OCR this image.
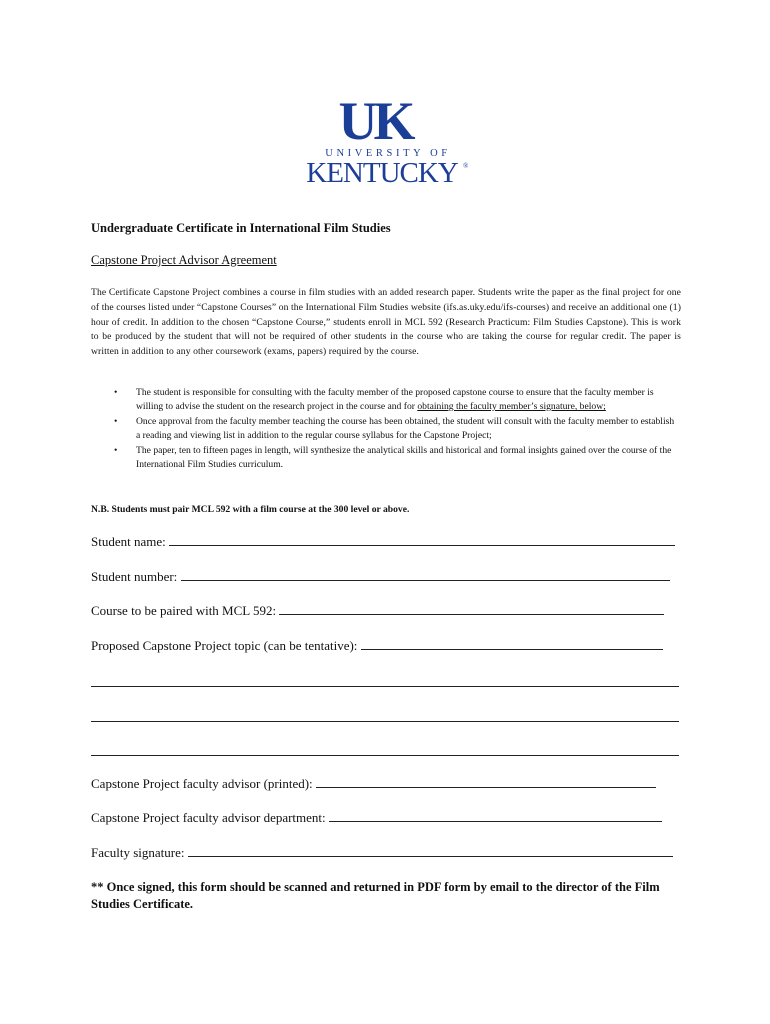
UK
UNIVERSITY OF
KENTUCKY ®
Undergraduate Certificate in International Film Studies
Capstone Project Advisor Agreement
The Certificate Capstone Project combines a course in film studies with an added research paper. Students write the paper as the final project for one of the courses listed under “Capstone Courses” on the International Film Studies website (ifs.as.uky.edu/ifs-courses) and receive an additional one (1) hour of credit. In addition to the chosen “Capstone Course,” students enroll in MCL 592 (Research Practicum: Film Studies Capstone). This is work to be produced by the student that will not be required of other students in the course who are taking the course for regular credit. The paper is written in addition to any other coursework (exams, papers) required by the course.
• The student is responsible for consulting with the faculty member of the proposed capstone course to ensure that the faculty member is willing to advise the student on the research project in the course and for obtaining the faculty member’s signature, below;
• Once approval from the faculty member teaching the course has been obtained, the student will consult with the faculty member to establish a reading and viewing list in addition to the regular course syllabus for the Capstone Project;
• The paper, ten to fifteen pages in length, will synthesize the analytical skills and historical and formal insights gained over the course of the International Film Studies curriculum.
N.B. Students must pair MCL 592 with a film course at the 300 level or above.
Student name:
Student number:
Course to be paired with MCL 592:
Proposed Capstone Project topic (can be tentative):
Capstone Project faculty advisor (printed):
Capstone Project faculty advisor department:
Faculty signature:
** Once signed, this form should be scanned and returned in PDF form by email to the director of the Film Studies Certificate.
